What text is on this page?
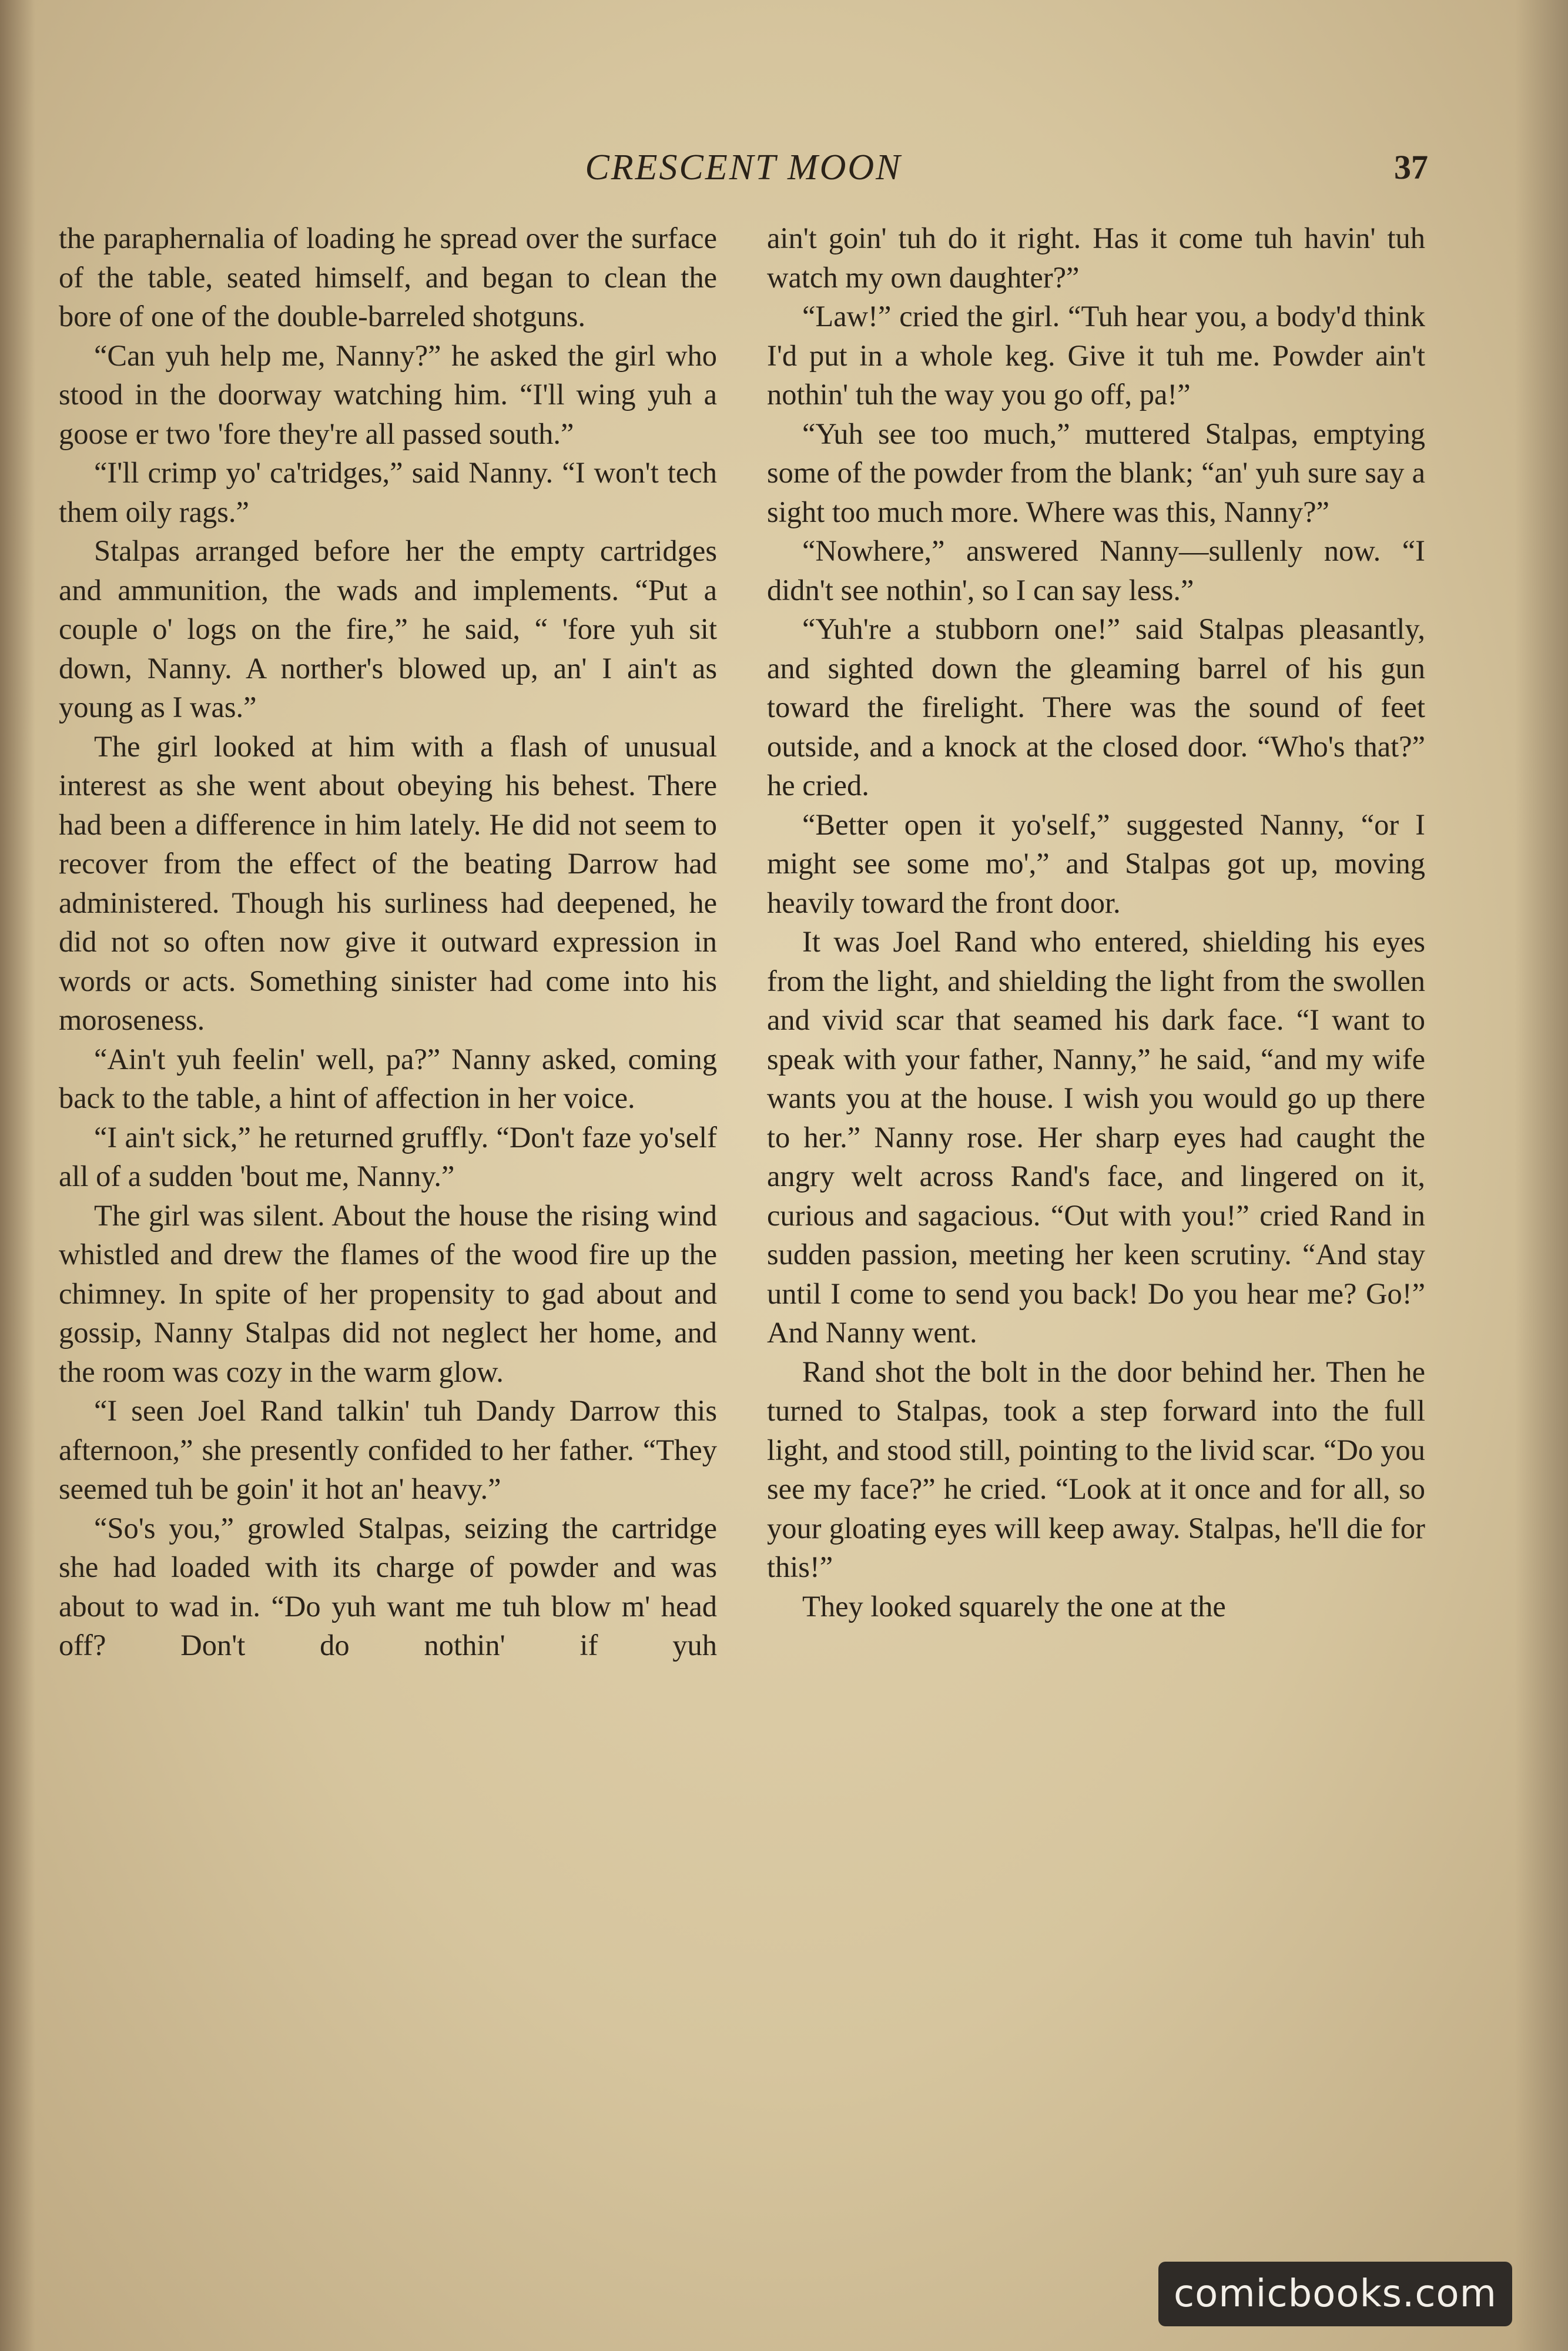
CRESCENT MOON	37

the paraphernalia of loading he spread over the surface of the table, seated himself, and began to clean the bore of one of the double-barreled shotguns.

“Can yuh help me, Nanny?” he asked the girl who stood in the doorway watching him. “I'll wing yuh a goose er two 'fore they're all passed south.”

“I'll crimp yo' ca'tridges,” said Nanny. “I won't tech them oily rags.”

Stalpas arranged before her the empty cartridges and ammunition, the wads and implements. “Put a couple o' logs on the fire,” he said, “ 'fore yuh sit down, Nanny. A norther's blowed up, an' I ain't as young as I was.”

The girl looked at him with a flash of unusual interest as she went about obeying his behest. There had been a difference in him lately. He did not seem to recover from the effect of the beating Darrow had administered. Though his surliness had deepened, he did not so often now give it outward expression in words or acts. Something sinister had come into his moroseness.

“Ain't yuh feelin' well, pa?” Nanny asked, coming back to the table, a hint of affection in her voice.

“I ain't sick,” he returned gruffly. “Don't faze yo'self all of a sudden 'bout me, Nanny.”

The girl was silent. About the house the rising wind whistled and drew the flames of the wood fire up the chimney. In spite of her propensity to gad about and gossip, Nanny Stalpas did not neglect her home, and the room was cozy in the warm glow.

“I seen Joel Rand talkin' tuh Dandy Darrow this afternoon,” she presently confided to her father. “They seemed tuh be goin' it hot an' heavy.”

“So's you,” growled Stalpas, seizing the cartridge she had loaded with its charge of powder and was about to wad in. “Do yuh want me tuh blow m' head off? Don't do nothin' if yuh

ain't goin' tuh do it right. Has it come tuh havin' tuh watch my own daughter?”

“Law!” cried the girl. “Tuh hear you, a body'd think I'd put in a whole keg. Give it tuh me. Powder ain't nothin' tuh the way you go off, pa!”

“Yuh see too much,” muttered Stalpas, emptying some of the powder from the blank; “an' yuh sure say a sight too much more. Where was this, Nanny?”

“Nowhere,” answered Nanny—sullenly now. “I didn't see nothin', so I can say less.”

“Yuh're a stubborn one!” said Stalpas pleasantly, and sighted down the gleaming barrel of his gun toward the firelight. There was the sound of feet outside, and a knock at the closed door. “Who's that?” he cried.

“Better open it yo'self,” suggested Nanny, “or I might see some mo',” and Stalpas got up, moving heavily toward the front door.

It was Joel Rand who entered, shielding his eyes from the light, and shielding the light from the swollen and vivid scar that seamed his dark face. “I want to speak with your father, Nanny,” he said, “and my wife wants you at the house. I wish you would go up there to her.” Nanny rose. Her sharp eyes had caught the angry welt across Rand's face, and lingered on it, curious and sagacious. “Out with you!” cried Rand in sudden passion, meeting her keen scrutiny. “And stay until I come to send you back! Do you hear me? Go!” And Nanny went.

Rand shot the bolt in the door behind her. Then he turned to Stalpas, took a step forward into the full light, and stood still, pointing to the livid scar. “Do you see my face?” he cried. “Look at it once and for all, so your gloating eyes will keep away. Stalpas, he'll die for this!”

They looked squarely the one at the

comicbooks.com
